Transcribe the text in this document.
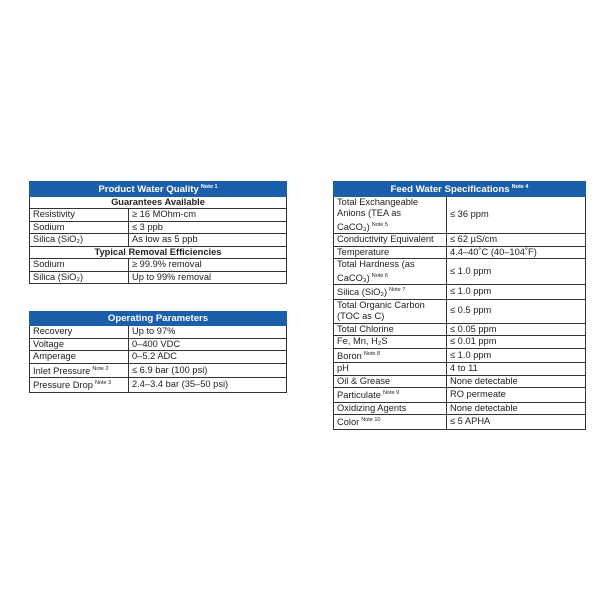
Product Water Quality $^{Note 1}$
Guarantees Available	
Resistivity	≥ 16 MOhm-cm
Sodium	≤ 3 ppb
Silica (SiO₂)	As low as 5 ppb
Typical Removal Efficiencies	
Sodium	≥ 99.9% removal
Silica (SiO₂)	Up to 99% removal
Operating Parameters	
Recovery	Up to 97%
Voltage	0–400 VDC
Amperage	0–5.2 ADC
Inlet Pressure $^{Note 2}$	≤ 6.9 bar (100 psi)
Pressure Drop $^{Note 3}$	2.4–3.4 bar (35–50 psi)
Feed Water Specifications $^{Note 4}$
Total Exchangeable Anions (TEA as CaCO₃) $^{Note 5}$	≤ 36 ppm
Conductivity Equivalent	≤ 62 µS/cm
Temperature	4.4–40˚C (40–104˚F)
Total Hardness (as CaCO₃) $^{Note 6}$	≤ 1.0 ppm
Silica (SiO₂) $^{Note 7}$	≤ 1.0 ppm
Total Organic Carbon (TOC as C)	≤ 0.5 ppm
Total Chlorine	≤ 0.05 ppm
Fe, Mn, H₂S	≤ 0.01 ppm
Boron $^{Note 8}$	≤ 1.0 ppm
pH	4 to 11
Oil & Grease	None detectable
Particulate $^{Note 9}$	RO permeate
Oxidizing Agents	None detectable
Color $^{Note 10}$	≤ 5 APHA
